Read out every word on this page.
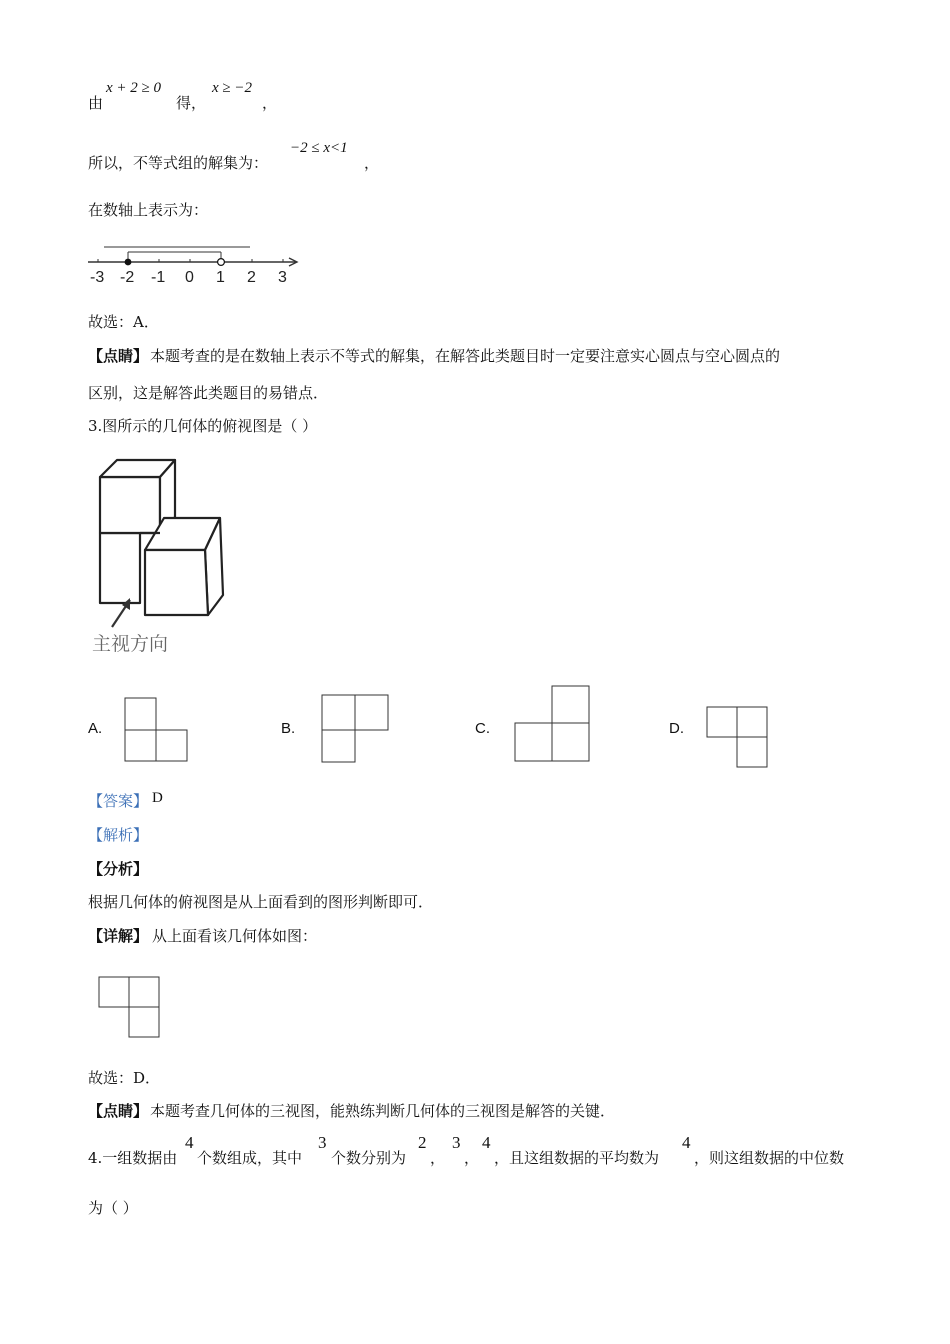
由
x + 2 ≥ 0
得，
x ≥ −2
，
所以，不等式组的解集为：
−2 ≤ x<1
，
在数轴上表示为：
-3 -2 -1 0 1 2 3
故选：A．
【点睛】 本题考查的是在数轴上表示不等式的解集，在解答此类题目时一定要注意实心圆点与空心圆点的
区别，这是解答此类题目的易错点．
3.图所示的几何体的俯视图是（ ）
主视方向
A.	B.	C.	D.
【答案】 D
【解析】
【分析】
根据几何体的俯视图是从上面看到的图形判断即可．
【详解】 从上面看该几何体如图：
故选：D．
【点睛】 本题考查几何体的三视图，能熟练判断几何体的三视图是解答的关键．
4.一组数据由
4
个数组成，其中
3
个数分别为
2
，
3
，
4
，且这组数据的平均数为
4
，则这组数据的中位数
为（ ）
